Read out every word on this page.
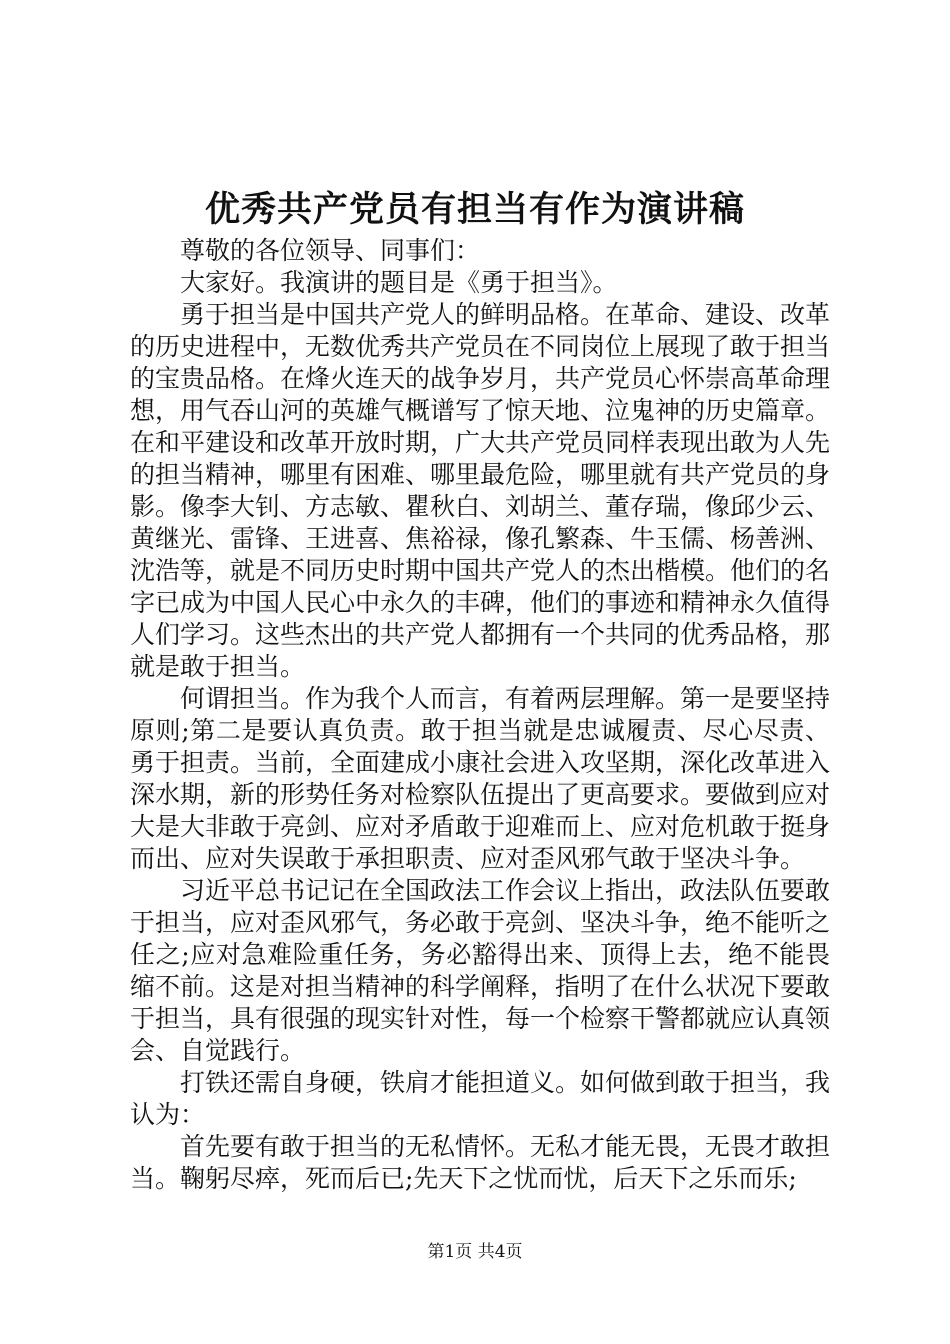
优秀共产党员有担当有作为演讲稿

尊敬的各位领导、同事们：

大家好。我演讲的题目是《勇于担当》。

勇于担当是中国共产党人的鲜明品格。在革命、建设、改革的历史进程中，无数优秀共产党员在不同岗位上展现了敢于担当的宝贵品格。在烽火连天的战争岁月，共产党员心怀崇高革命理想，用气吞山河的英雄气概谱写了惊天地、泣鬼神的历史篇章。在和平建设和改革开放时期，广大共产党员同样表现出敢为人先的担当精神，哪里有困难、哪里最危险，哪里就有共产党员的身影。像李大钊、方志敏、瞿秋白、刘胡兰、董存瑞，像邱少云、黄继光、雷锋、王进喜、焦裕禄，像孔繁森、牛玉儒、杨善洲、沈浩等，就是不同历史时期中国共产党人的杰出楷模。他们的名字已成为中国人民心中永久的丰碑，他们的事迹和精神永久值得人们学习。这些杰出的共产党人都拥有一个共同的优秀品格，那就是敢于担当。

何谓担当。作为我个人而言，有着两层理解。第一是要坚持原则;第二是要认真负责。敢于担当就是忠诚履责、尽心尽责、勇于担责。当前，全面建成小康社会进入攻坚期，深化改革进入深水期，新的形势任务对检察队伍提出了更高要求。要做到应对大是大非敢于亮剑、应对矛盾敢于迎难而上、应对危机敢于挺身而出、应对失误敢于承担职责、应对歪风邪气敢于坚决斗争。

习近平总书记记在全国政法工作会议上指出，政法队伍要敢于担当，应对歪风邪气，务必敢于亮剑、坚决斗争，绝不能听之任之;应对急难险重任务，务必豁得出来、顶得上去，绝不能畏缩不前。这是对担当精神的科学阐释，指明了在什么状况下要敢于担当，具有很强的现实针对性，每一个检察干警都就应认真领会、自觉践行。

打铁还需自身硬，铁肩才能担道义。如何做到敢于担当，我认为：

首先要有敢于担当的无私情怀。无私才能无畏，无畏才敢担当。鞠躬尽瘁，死而后已;先天下之忧而忧，后天下之乐而乐;

第1页 共4页
